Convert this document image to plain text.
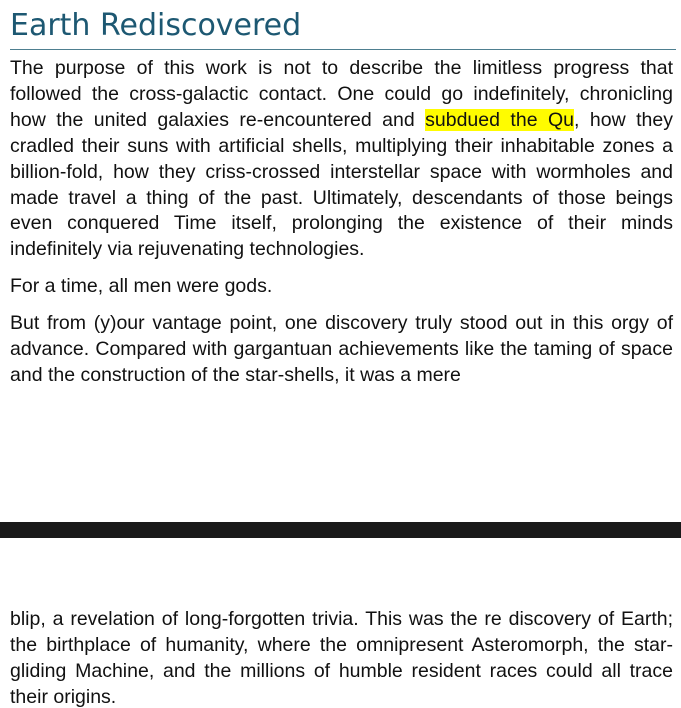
Earth Rediscovered

The purpose of this work is not to describe the limitless progress that followed the cross-galactic contact. One could go indefinitely, chronicling how the united galaxies re-encountered and subdued the Qu, how they cradled their suns with artificial shells, multiplying their inhabitable zones a billion-fold, how they criss-crossed interstellar space with wormholes and made travel a thing of the past. Ultimately, descendants of those beings even conquered Time itself, prolonging the existence of their minds indefinitely via rejuvenating technologies.

For a time, all men were gods.

But from (y)our vantage point, one discovery truly stood out in this orgy of advance. Compared with gargantuan achievements like the taming of space and the construction of the star-shells, it was a mere

blip, a revelation of long-forgotten trivia. This was the re discovery of Earth; the birthplace of humanity, where the omnipresent Asteromorph, the star-gliding Machine, and the millions of humble resident races could all trace their origins.
